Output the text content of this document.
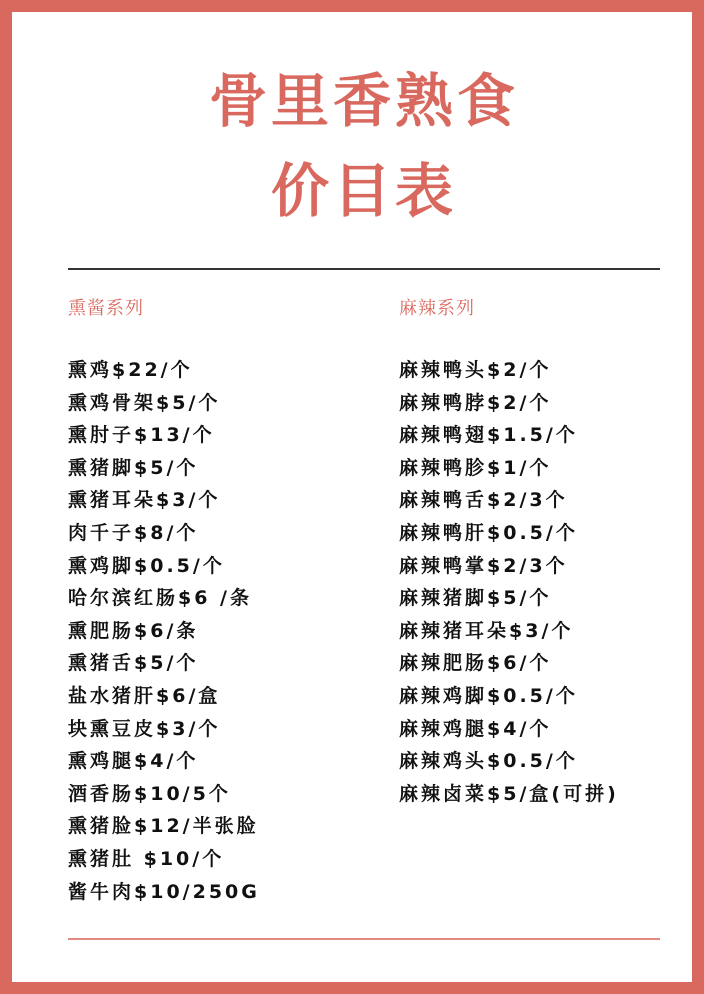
骨里香熟食
价目表
熏酱系列
熏鸡$22/个
熏鸡骨架$5/个
熏肘子$13/个
熏猪脚$5/个
熏猪耳朵$3/个
肉千子$8/个
熏鸡脚$0.5/个
哈尔滨红肠$6 /条
熏肥肠$6/条
熏猪舌$5/个
盐水猪肝$6/盒
块熏豆皮$3/个
熏鸡腿$4/个
酒香肠$10/5个
熏猪脸$12/半张脸
熏猪肚 $10/个
酱牛肉$10/250G
麻辣系列
麻辣鸭头$2/个
麻辣鸭脖$2/个
麻辣鸭翅$1.5/个
麻辣鸭胗$1/个
麻辣鸭舌$2/3个
麻辣鸭肝$0.5/个
麻辣鸭掌$2/3个
麻辣猪脚$5/个
麻辣猪耳朵$3/个
麻辣肥肠$6/个
麻辣鸡脚$0.5/个
麻辣鸡腿$4/个
麻辣鸡头$0.5/个
麻辣卤菜$5/盒(可拼)
